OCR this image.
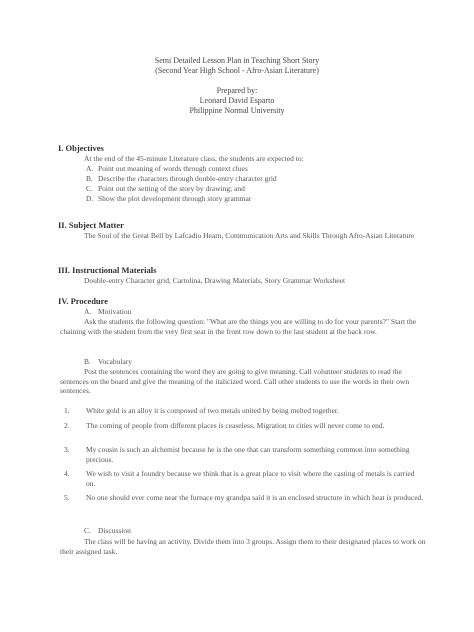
Semi Detailed Lesson Plan in Teaching Short Story
(Second Year High School - Afro-Asian Literature)
Prepared by:
Leonard David Esparto
Philippine Normal University
I. Objectives
At the end of the 45-minute Literature class, the students are expected to:
A. Point out meaning of words through context clues
B. Describe the characters through double-entry character grid
C. Point out the setting of the story by drawing; and
D. Show the plot development through story grammar
II. Subject Matter
The Soul of the Great Bell by Lafcadio Hearn, Communication Arts and Skills Through Afro-Asian Literature
III. Instructional Materials
Double-entry Character grid, Cartolina, Drawing Materials, Story Grammar Worksheet
IV. Procedure
A. Motivation
Ask the students the following question: "What are the things you are willing to do for your parents?" Start the chaining with the student from the very first seat in the front row down to the last student at the back row.
B. Vocabulary
Post the sentences containing the word they are going to give meaning. Call volunteer students to read the sentences on the board and give the meaning of the italicized word. Call other students to use the words in their own sentences.
1. White gold is an alloy it is composed of two metals united by being melted together.
2. The coming of people from different places is ceaseless. Migration to cities will never come to end.
3. My cousin is such an alchemist because he is the one that can transform something common into something precious.
4. We wish to visit a foundry because we think that is a great place to visit where the casting of metals is carried on.
5. No one should ever come near the furnace my grandpa said it is an enclosed structure in which heat is produced.
C. Discussion
The class will be having an activity. Divide them into 3 groups. Assign them to their designated places to work on their assigned task.
